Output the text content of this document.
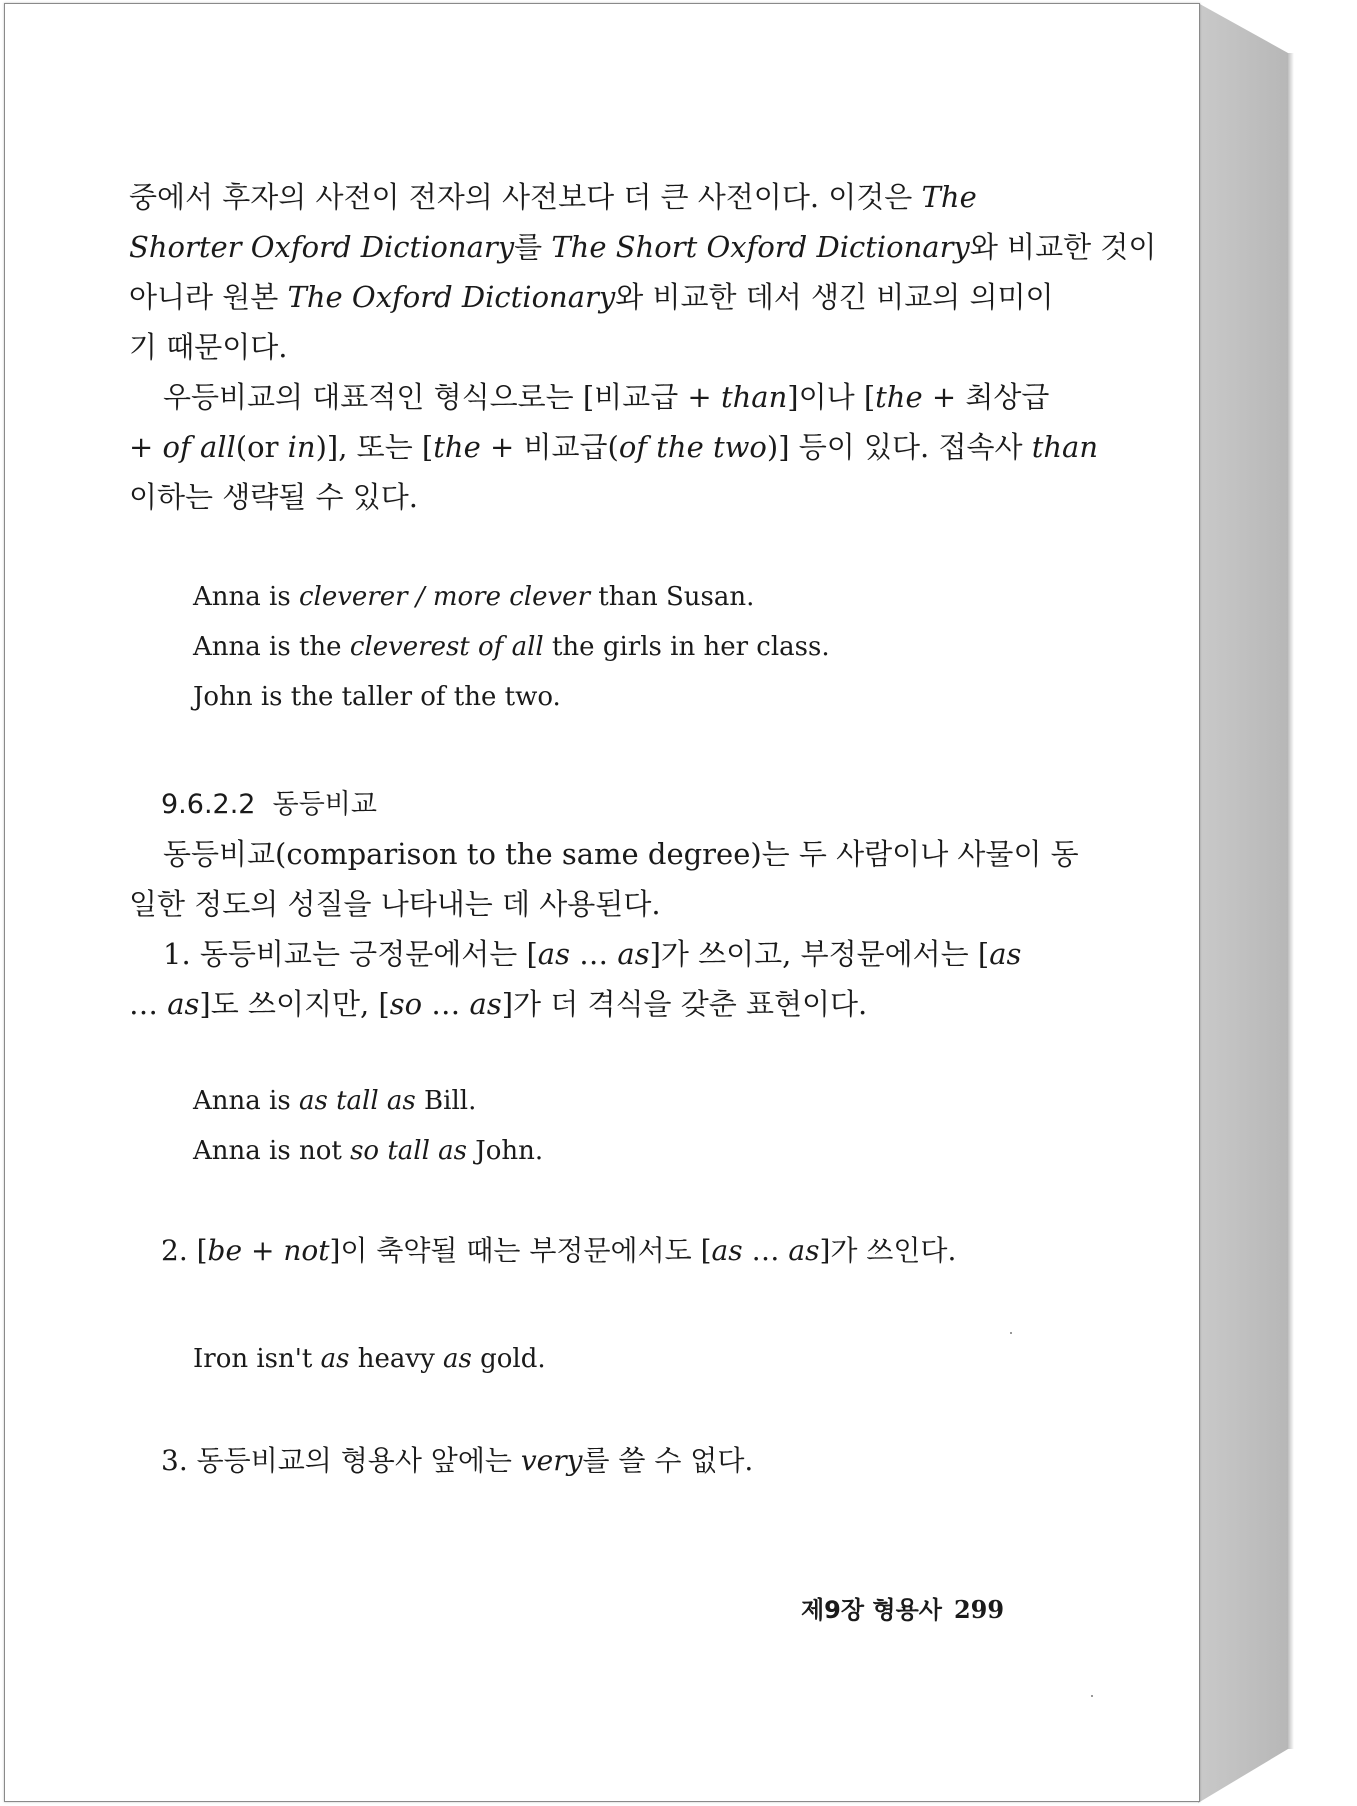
중에서 후자의 사전이 전자의 사전보다 더 큰 사전이다. 이것은 The
Shorter Oxford Dictionary를 The Short Oxford Dictionary와 비교한 것이
아니라 원본 The Oxford Dictionary와 비교한 데서 생긴 비교의 의미이
기 때문이다.
우등비교의 대표적인 형식으로는 [비교급 + than]이나 [the + 최상급
+ of all(or in)], 또는 [the + 비교급(of the two)] 등이 있다. 접속사 than
이하는 생략될 수 있다.
Anna is cleverer / more clever than Susan.
Anna is the cleverest of all the girls in her class.
John is the taller of the two.
9.6.2.2 동등비교
동등비교(comparison to the same degree)는 두 사람이나 사물이 동
일한 정도의 성질을 나타내는 데 사용된다.
1. 동등비교는 긍정문에서는 [as … as]가 쓰이고, 부정문에서는 [as
… as]도 쓰이지만, [so … as]가 더 격식을 갖춘 표현이다.
Anna is as tall as Bill.
Anna is not so tall as John.
2. [be + not]이 축약될 때는 부정문에서도 [as … as]가 쓰인다.
Iron isn't as heavy as gold.
3. 동등비교의 형용사 앞에는 very를 쓸 수 없다.
제9장 형용사 299
